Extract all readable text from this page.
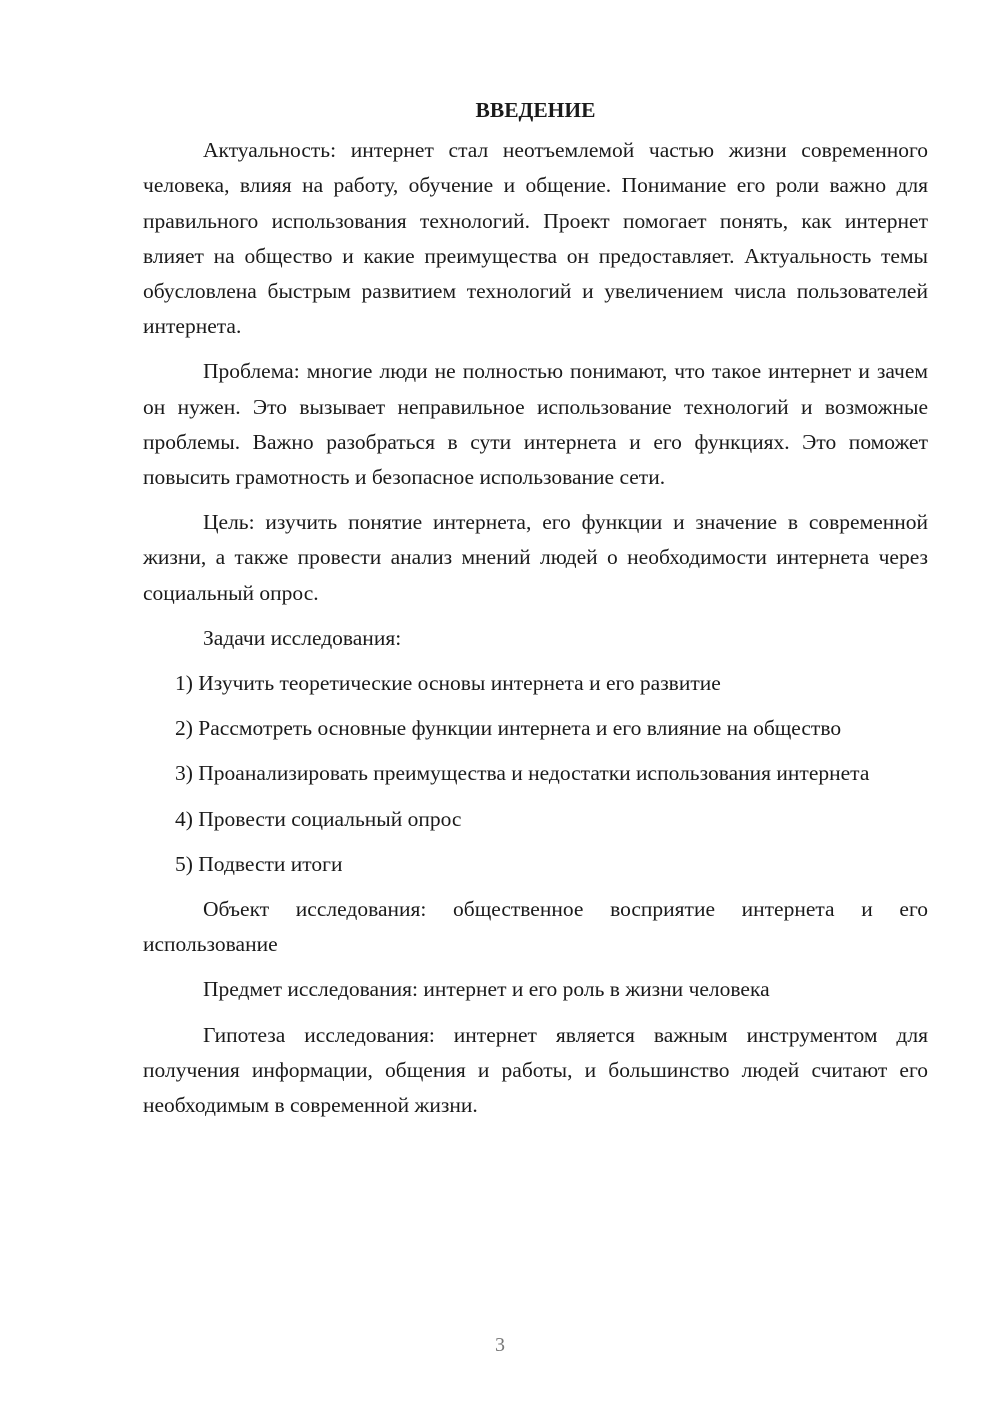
ВВЕДЕНИЕ

Актуальность: интернет стал неотъемлемой частью жизни современного человека, влияя на работу, обучение и общение. Понимание его роли важно для правильного использования технологий. Проект помогает понять, как интернет влияет на общество и какие преимущества он предоставляет. Актуальность темы обусловлена быстрым развитием технологий и увеличением числа пользователей интернета.

Проблема: многие люди не полностью понимают, что такое интернет и зачем он нужен. Это вызывает неправильное использование технологий и возможные проблемы. Важно разобраться в сути интернета и его функциях. Это поможет повысить грамотность и безопасное использование сети.

Цель: изучить понятие интернета, его функции и значение в современной жизни, а также провести анализ мнений людей о необходимости интернета через социальный опрос.

Задачи исследования:

1) Изучить теоретические основы интернета и его развитие

2) Рассмотреть основные функции интернета и его влияние на общество

3) Проанализировать преимущества и недостатки использования интернета

4) Провести социальный опрос

5) Подвести итоги

Объект исследования: общественное восприятие интернета и его использование

Предмет исследования: интернет и его роль в жизни человека

Гипотеза исследования: интернет является важным инструментом для получения информации, общения и работы, и большинство людей считают его необходимым в современной жизни.

3
